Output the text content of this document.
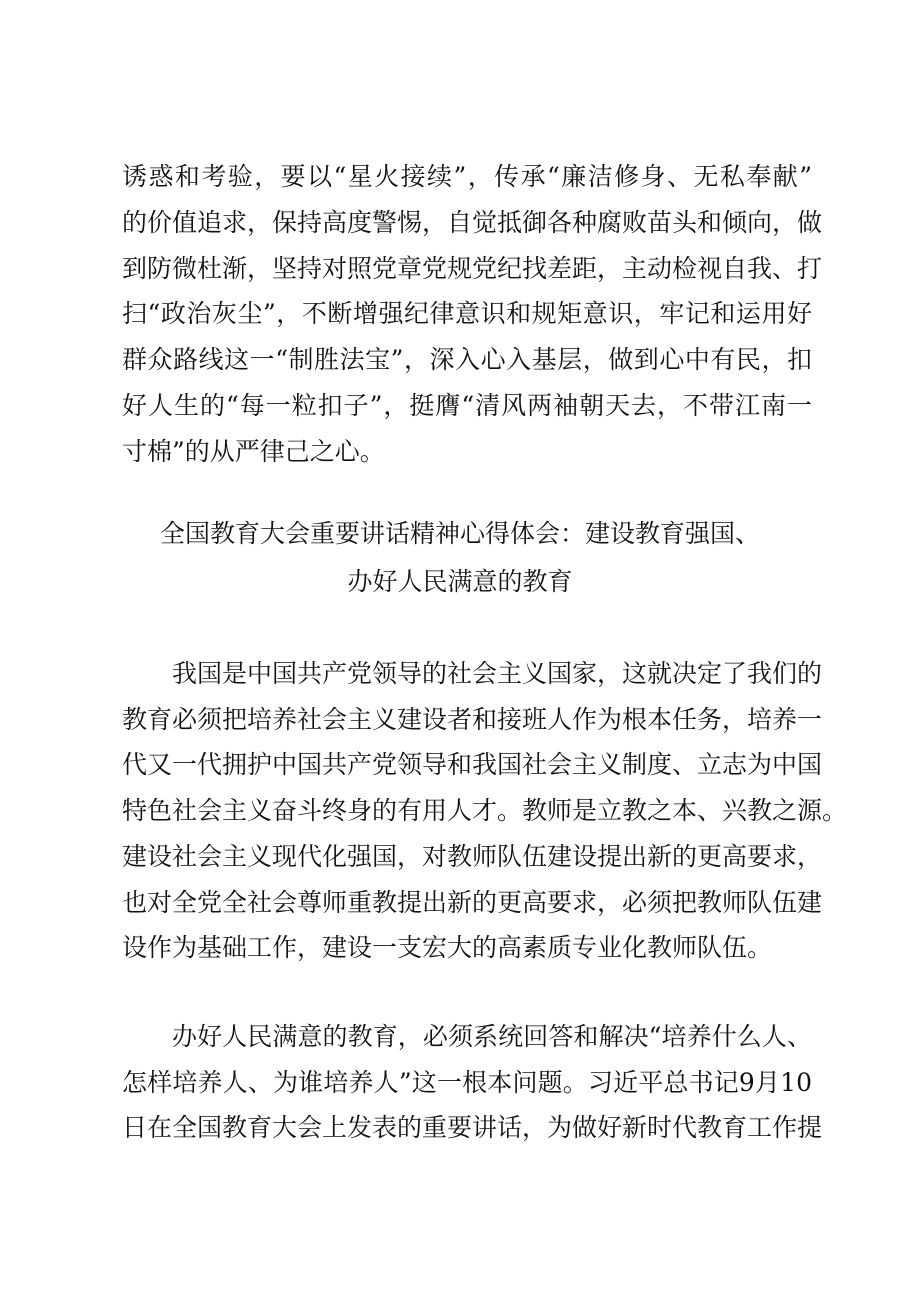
诱惑和考验，要以“星火接续”，传承“廉洁修身、无私奉献”
的价值追求，保持高度警惕，自觉抵御各种腐败苗头和倾向，做
到防微杜渐，坚持对照党章党规党纪找差距，主动检视自我、打
扫“政治灰尘”，不断增强纪律意识和规矩意识，牢记和运用好
群众路线这一“制胜法宝”，深入心入基层，做到心中有民，扣
好人生的“每一粒扣子”，挺膺“清风两袖朝天去，不带江南一
寸棉”的从严律己之心。
全国教育大会重要讲话精神心得体会：建设教育强国、
办好人民满意的教育
我国是中国共产党领导的社会主义国家，这就决定了我们的
教育必须把培养社会主义建设者和接班人作为根本任务，培养一
代又一代拥护中国共产党领导和我国社会主义制度、立志为中国
特色社会主义奋斗终身的有用人才。教师是立教之本、兴教之源。
建设社会主义现代化强国，对教师队伍建设提出新的更高要求，
也对全党全社会尊师重教提出新的更高要求，必须把教师队伍建
设作为基础工作，建设一支宏大的高素质专业化教师队伍。
办好人民满意的教育，必须系统回答和解决“培养什么人、
怎样培养人、为谁培养人”这一根本问题。习近平总书记9月10
日在全国教育大会上发表的重要讲话，为做好新时代教育工作提
